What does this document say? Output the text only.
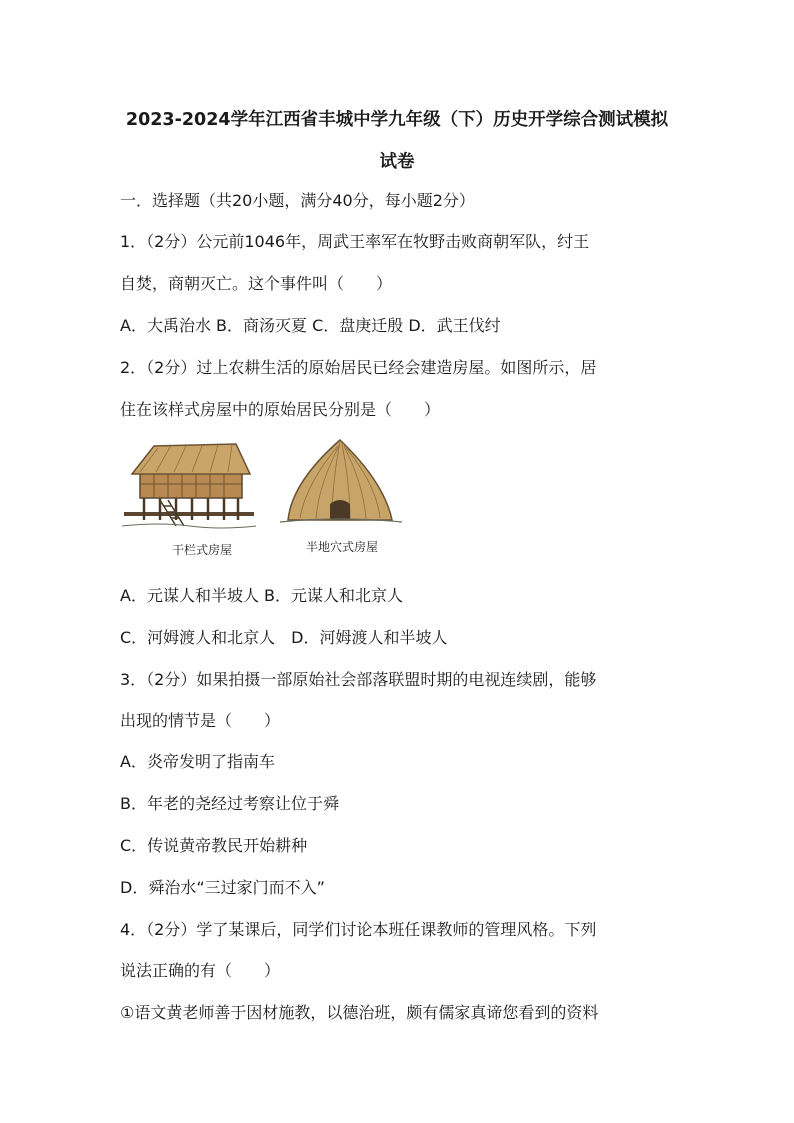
2023-2024学年江西省丰城中学九年级（下）历史开学综合测试模拟
试卷

一．选择题（共20小题，满分40分，每小题2分）

1．（2分）公元前1046年，周武王率军在牧野击败商朝军队，纣王

自焚，商朝灭亡。这个事件叫（　　）

A．大禹治水 B．商汤灭夏 C．盘庚迁殷 D．武王伐纣

2．（2分）过上农耕生活的原始居民已经会建造房屋。如图所示，居

住在该样式房屋中的原始居民分别是（　　）

干栏式房屋	半地穴式房屋

A．元谋人和半坡人 B．元谋人和北京人

C．河姆渡人和北京人　D．河姆渡人和半坡人

3．（2分）如果拍摄一部原始社会部落联盟时期的电视连续剧，能够

出现的情节是（　　）

A．炎帝发明了指南车

B．年老的尧经过考察让位于舜

C．传说黄帝教民开始耕种

D．舜治水“三过家门而不入”

4．（2分）学了某课后，同学们讨论本班任课教师的管理风格。下列

说法正确的有（　　）

①语文黄老师善于因材施教，以德治班，颇有儒家真谛您看到的资料
